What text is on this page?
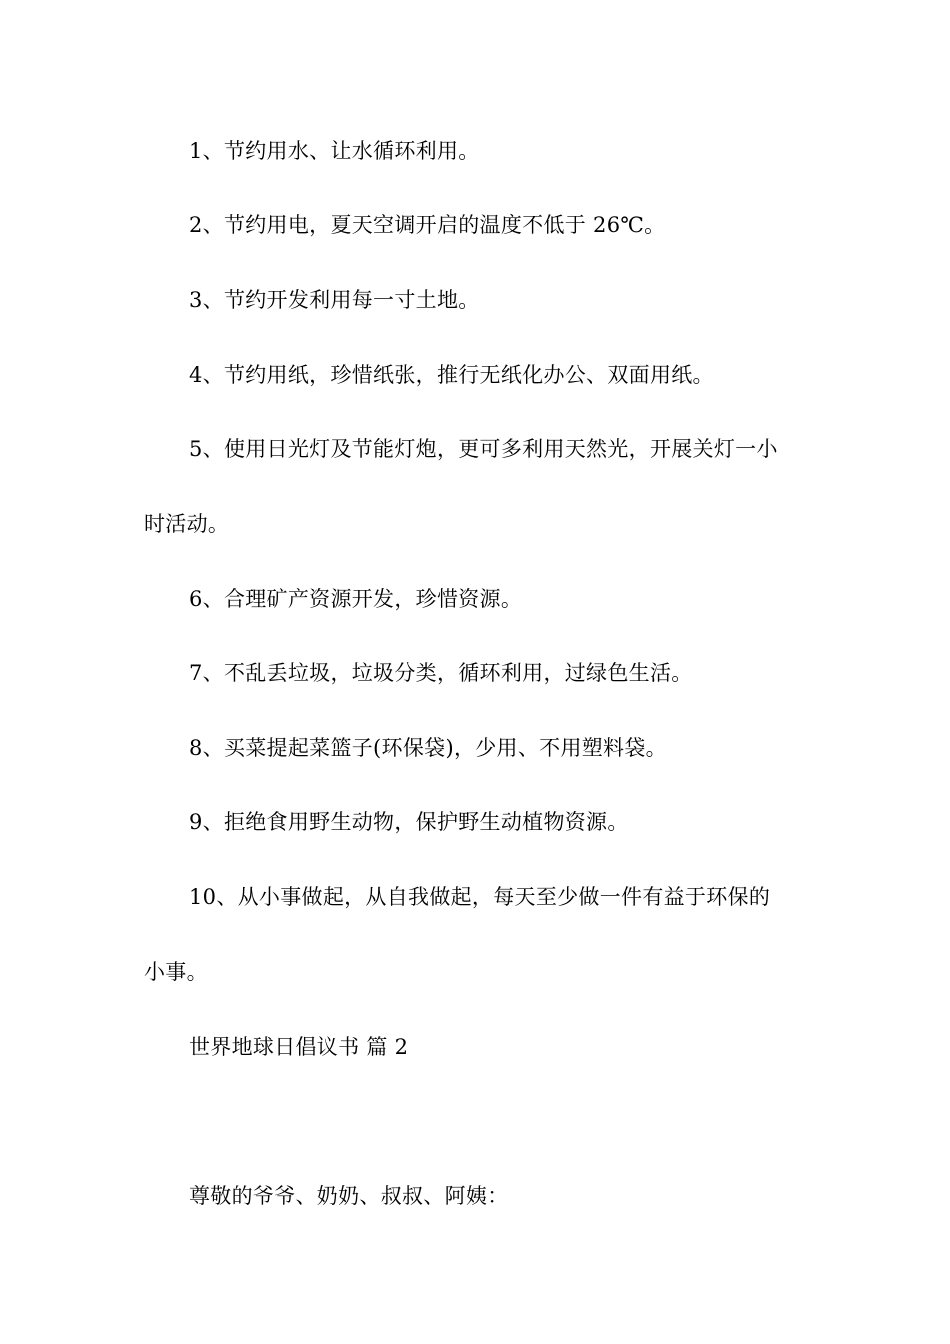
1、节约用水、让水循环利用。
2、节约用电，夏天空调开启的温度不低于 26℃。
3、节约开发利用每一寸土地。
4、节约用纸，珍惜纸张，推行无纸化办公、双面用纸。
5、使用日光灯及节能灯炮，更可多利用天然光，开展关灯一小
时活动。
6、合理矿产资源开发，珍惜资源。
7、不乱丢垃圾，垃圾分类，循环利用，过绿色生活。
8、买菜提起菜篮子(环保袋)，少用、不用塑料袋。
9、拒绝食用野生动物，保护野生动植物资源。
10、从小事做起，从自我做起，每天至少做一件有益于环保的
小事。
世界地球日倡议书 篇 2
尊敬的爷爷、奶奶、叔叔、阿姨：
